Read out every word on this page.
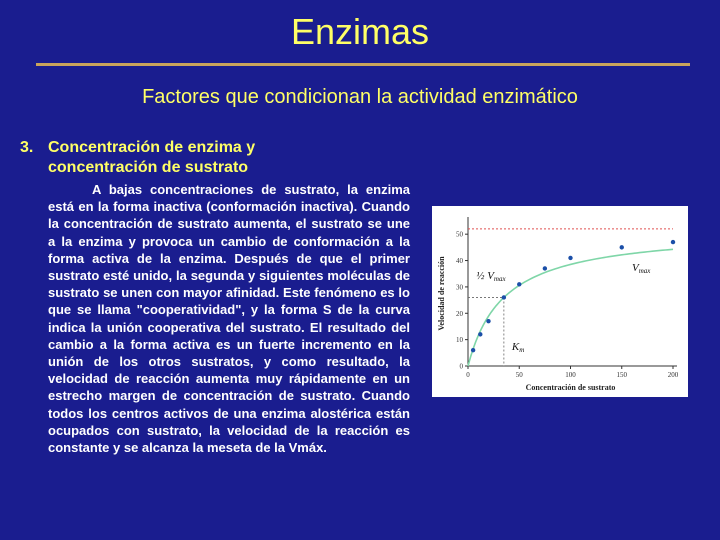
Enzimas
Factores que condicionan la actividad enzimático
3. Concentración de enzima y
concentración de sustrato
A bajas concentraciones de sustrato, la enzima está en la forma inactiva (conformación inactiva). Cuando la concentración de sustrato aumenta, el sustrato se une a la enzima y provoca un cambio de conformación a la forma activa de la enzima. Después de que el primer sustrato esté unido, la segunda y siguientes moléculas de sustrato se unen con mayor afinidad. Este fenómeno es lo que se llama "cooperatividad", y la forma S de la curva indica la unión cooperativa del sustrato. El resultado del cambio a la forma activa es un fuerte incremento en la unión de los otros sustratos, y como resultado, la velocidad de reacción aumenta muy rápidamente en un estrecho margen de concentración de sustrato. Cuando todos los centros activos de una enzima alostérica están ocupados con sustrato, la velocidad de la reacción es constante y se alcanza la meseta de la Vmáx.
0	50	100	150	200
0
10
20
30
40
50
Concentración de sustrato
Velocidad de reacción	Vmax
½ Vmax
Km
